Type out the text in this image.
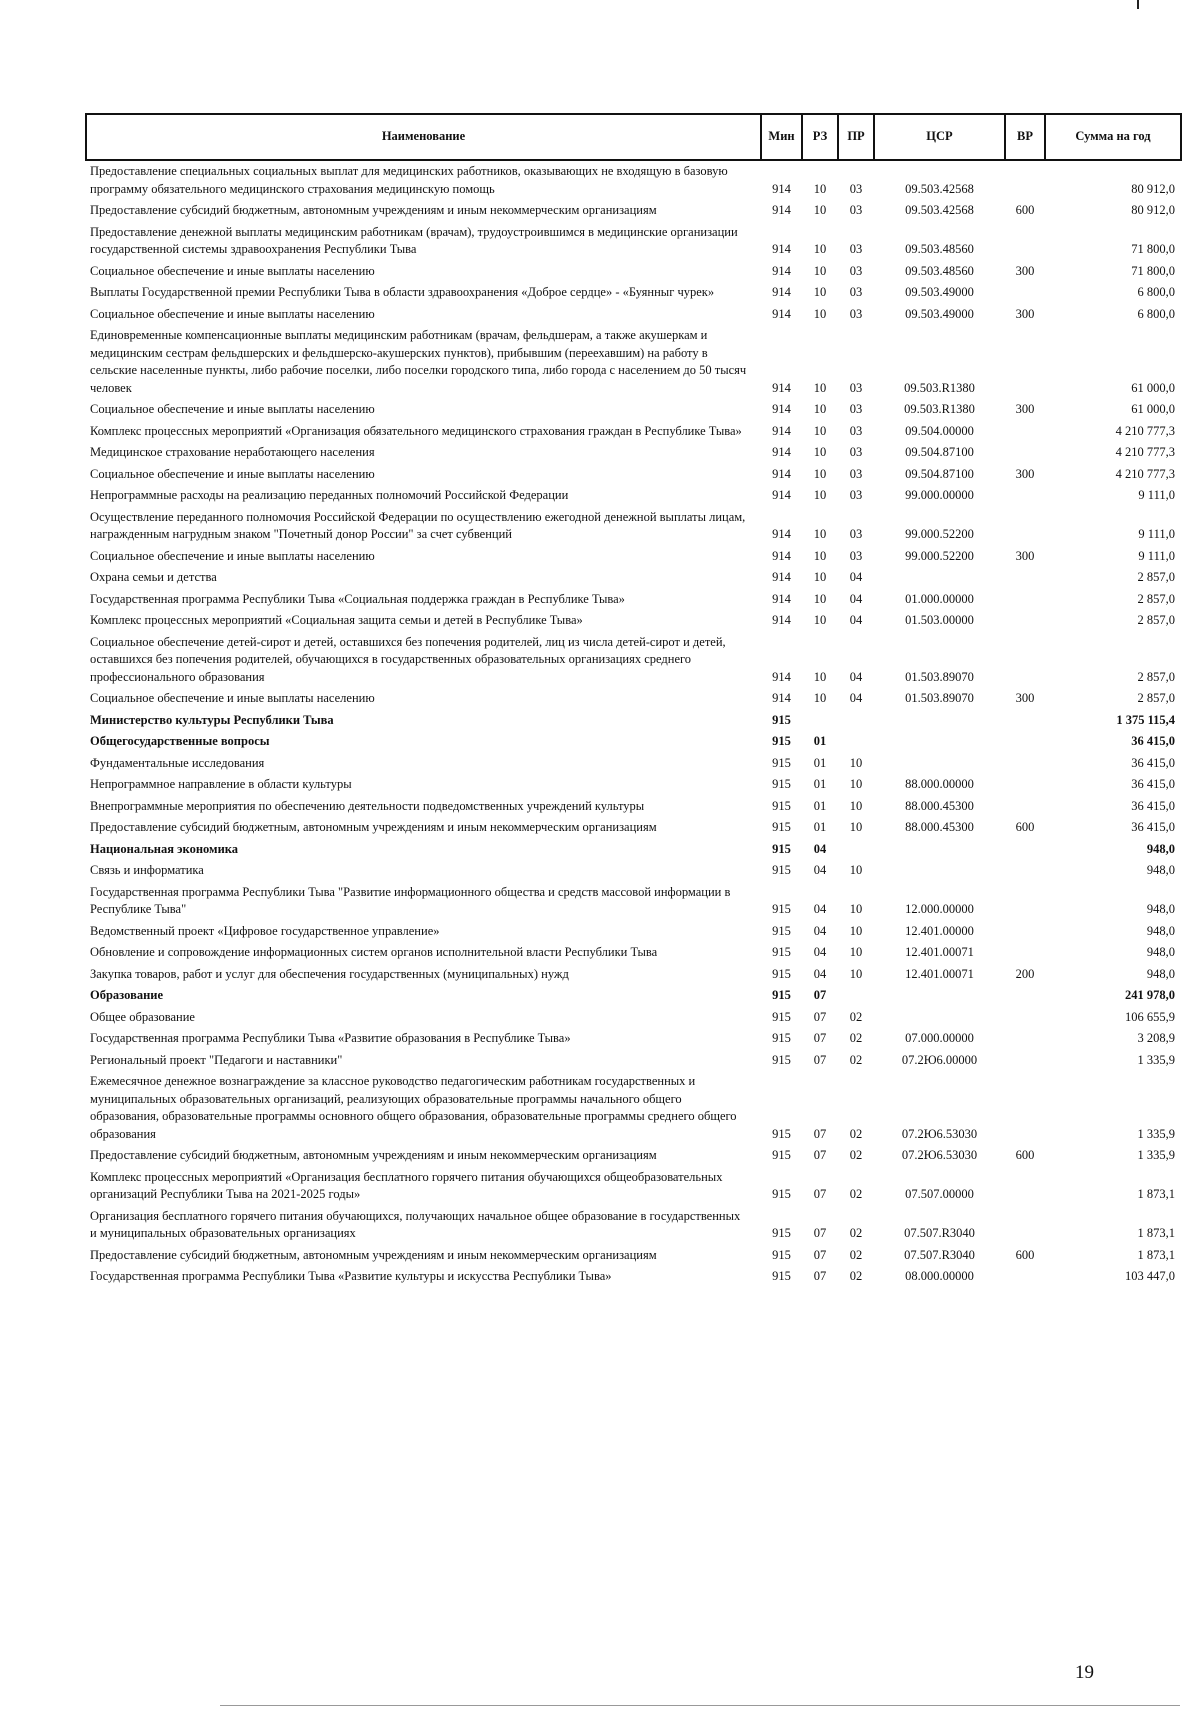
Наименование	Мин	РЗ	ПР	ЦСР	ВР	Сумма на год
Предоставление специальных социальных выплат для медицинских работников, оказывающих не входящую в базовую программу обязательного медицинского страхования медицинскую помощь	914	10	03	09.503.42568		80 912,0
Предоставление субсидий бюджетным, автономным учреждениям и иным некоммерческим организациям	914	10	03	09.503.42568	600	80 912,0
Предоставление денежной выплаты медицинским работникам (врачам), трудоустроившимся в медицинские организации государственной системы здравоохранения Республики Тыва	914	10	03	09.503.48560		71 800,0
Социальное обеспечение и иные выплаты населению	914	10	03	09.503.48560	300	71 800,0
Выплаты Государственной премии Республики Тыва в области здравоохранения «Доброе сердце» - «Буянныг чурек»	914	10	03	09.503.49000		6 800,0
Социальное обеспечение и иные выплаты населению	914	10	03	09.503.49000	300	6 800,0
Единовременные компенсационные выплаты медицинским работникам (врачам, фельдшерам, а также акушеркам и медицинским сестрам фельдшерских и фельдшерско-акушерских пунктов), прибывшим (переехавшим) на работу в сельские населенные пункты, либо рабочие поселки, либо поселки городского типа, либо города с населением до 50 тысяч человек	914	10	03	09.503.R1380		61 000,0
Социальное обеспечение и иные выплаты населению	914	10	03	09.503.R1380	300	61 000,0
Комплекс процессных мероприятий «Организация обязательного медицинского страхования граждан в Республике Тыва»	914	10	03	09.504.00000		4 210 777,3
Медицинское страхование неработающего населения	914	10	03	09.504.87100		4 210 777,3
Социальное обеспечение и иные выплаты населению	914	10	03	09.504.87100	300	4 210 777,3
Непрограммные расходы на реализацию переданных полномочий Российской Федерации	914	10	03	99.000.00000		9 111,0
Осуществление переданного полномочия Российской Федерации по осуществлению ежегодной денежной выплаты лицам, награжденным нагрудным знаком "Почетный донор России" за счет субвенций	914	10	03	99.000.52200		9 111,0
Социальное обеспечение и иные выплаты населению	914	10	03	99.000.52200	300	9 111,0
Охрана семьи и детства	914	10	04			2 857,0
Государственная программа Республики Тыва «Социальная поддержка граждан в Республике Тыва»	914	10	04	01.000.00000		2 857,0
Комплекс процессных мероприятий «Социальная защита семьи и детей в Республике Тыва»	914	10	04	01.503.00000		2 857,0
Социальное обеспечение детей-сирот и детей, оставшихся без попечения родителей, лиц из числа детей-сирот и детей, оставшихся без попечения родителей, обучающихся в государственных образовательных организациях среднего профессионального образования	914	10	04	01.503.89070		2 857,0
Социальное обеспечение и иные выплаты населению	914	10	04	01.503.89070	300	2 857,0
Министерство культуры Республики Тыва	915					1 375 115,4
Общегосударственные вопросы	915	01				36 415,0
Фундаментальные исследования	915	01	10			36 415,0
Непрограммное направление в области культуры	915	01	10	88.000.00000		36 415,0
Внепрограммные мероприятия по обеспечению деятельности подведомственных учреждений культуры	915	01	10	88.000.45300		36 415,0
Предоставление субсидий бюджетным, автономным учреждениям и иным некоммерческим организациям	915	01	10	88.000.45300	600	36 415,0
Национальная экономика	915	04				948,0
Связь и информатика	915	04	10			948,0
Государственная программа Республики Тыва "Развитие информационного общества и средств массовой информации в Республике Тыва"	915	04	10	12.000.00000		948,0
Ведомственный проект «Цифровое государственное управление»	915	04	10	12.401.00000		948,0
Обновление и сопровождение информационных систем органов исполнительной власти Республики Тыва	915	04	10	12.401.00071		948,0
Закупка товаров, работ и услуг для обеспечения государственных (муниципальных) нужд	915	04	10	12.401.00071	200	948,0
Образование	915	07				241 978,0
Общее образование	915	07	02			106 655,9
Государственная программа Республики Тыва «Развитие образования в Республике Тыва»	915	07	02	07.000.00000		3 208,9
Региональный проект "Педагоги и наставники"	915	07	02	07.2Ю6.00000		1 335,9
Ежемесячное денежное вознаграждение за классное руководство педагогическим работникам государственных и муниципальных образовательных организаций, реализующих образовательные программы начального общего образования, образовательные программы основного общего образования, образовательные программы среднего общего образования	915	07	02	07.2Ю6.53030		1 335,9
Предоставление субсидий бюджетным, автономным учреждениям и иным некоммерческим организациям	915	07	02	07.2Ю6.53030	600	1 335,9
Комплекс процессных мероприятий «Организация бесплатного горячего питания обучающихся общеобразовательных организаций Республики Тыва на 2021-2025 годы»	915	07	02	07.507.00000		1 873,1
Организация бесплатного горячего питания обучающихся, получающих начальное общее образование в государственных и муниципальных образовательных организациях	915	07	02	07.507.R3040		1 873,1
Предоставление субсидий бюджетным, автономным учреждениям и иным некоммерческим организациям	915	07	02	07.507.R3040	600	1 873,1
Государственная программа Республики Тыва «Развитие культуры и искусства Республики Тыва»	915	07	02	08.000.00000		103 447,0
19
